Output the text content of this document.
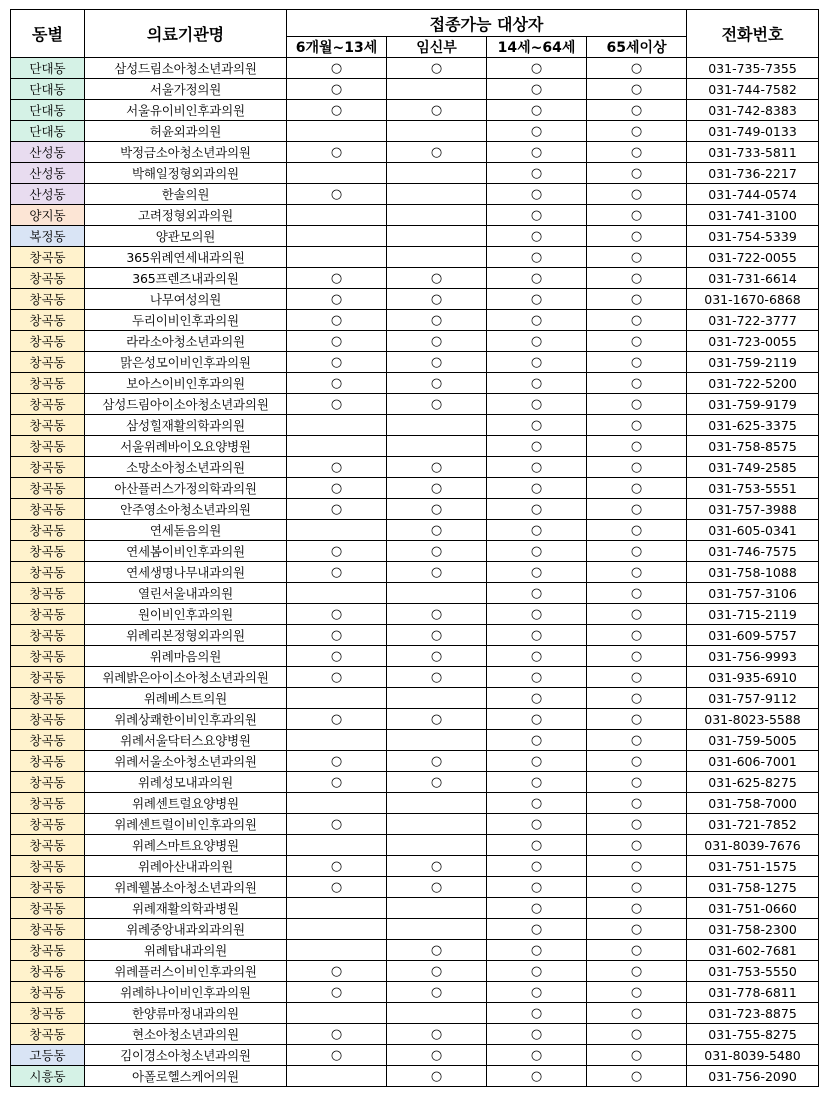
동별	의료기관명	접종가능 대상자				전화번호
		6개월~13세	임신부	14세~64세	65세이상	
단대동	삼성드림소아청소년과의원	○	○	○	○	031-735-7355
단대동	서울가정의원	○		○	○	031-744-7582
단대동	서울유이비인후과의원	○	○	○	○	031-742-8383
단대동	허윤외과의원			○	○	031-749-0133
산성동	박정금소아청소년과의원	○	○	○	○	031-733-5811
산성동	박해일정형외과의원			○	○	031-736-2217
산성동	한솔의원	○		○	○	031-744-0574
양지동	고려정형외과의원			○	○	031-741-3100
복정동	양관모의원			○	○	031-754-5339
창곡동	365위례연세내과의원			○	○	031-722-0055
창곡동	365프렌즈내과의원	○	○	○	○	031-731-6614
창곡동	나무여성의원	○	○	○	○	031-1670-6868
창곡동	두리이비인후과의원	○	○	○	○	031-722-3777
창곡동	라라소아청소년과의원	○	○	○	○	031-723-0055
창곡동	맑은성모이비인후과의원	○	○	○	○	031-759-2119
창곡동	보아스이비인후과의원	○	○	○	○	031-722-5200
창곡동	삼성드림아이소아청소년과의원	○	○	○	○	031-759-9179
창곡동	삼성힐재활의학과의원			○	○	031-625-3375
창곡동	서울위례바이오요양병원			○	○	031-758-8575
창곡동	소망소아청소년과의원	○	○	○	○	031-749-2585
창곡동	아산플러스가정의학과의원	○	○	○	○	031-753-5551
창곡동	안주영소아청소년과의원	○	○	○	○	031-757-3988
창곡동	연세돋음의원		○	○	○	031-605-0341
창곡동	연세봄이비인후과의원	○	○	○	○	031-746-7575
창곡동	연세생명나무내과의원	○	○	○	○	031-758-1088
창곡동	열린서울내과의원			○	○	031-757-3106
창곡동	원이비인후과의원	○	○	○	○	031-715-2119
창곡동	위례리본정형외과의원	○	○	○	○	031-609-5757
창곡동	위례마음의원	○	○	○	○	031-756-9993
창곡동	위례밝은아이소아청소년과의원	○	○	○	○	031-935-6910
창곡동	위례베스트의원			○	○	031-757-9112
창곡동	위례상쾌한이비인후과의원	○	○	○	○	031-8023-5588
창곡동	위례서울닥터스요양병원			○	○	031-759-5005
창곡동	위례서울소아청소년과의원	○	○	○	○	031-606-7001
창곡동	위례성모내과의원	○	○	○	○	031-625-8275
창곡동	위례센트럴요양병원			○	○	031-758-7000
창곡동	위례센트럴이비인후과의원	○		○	○	031-721-7852
창곡동	위례스마트요양병원			○	○	031-8039-7676
창곡동	위례아산내과의원	○	○	○	○	031-751-1575
창곡동	위례웰봄소아청소년과의원	○	○	○	○	031-758-1275
창곡동	위례재활의학과병원			○	○	031-751-0660
창곡동	위례중앙내과외과의원			○	○	031-758-2300
창곡동	위례탑내과의원		○	○	○	031-602-7681
창곡동	위례플러스이비인후과의원	○	○	○	○	031-753-5550
창곡동	위례하나이비인후과의원	○	○	○	○	031-778-6811
창곡동	한양류마정내과의원			○	○	031-723-8875
창곡동	현소아청소년과의원	○	○	○	○	031-755-8275
고등동	김이경소아청소년과의원	○	○	○	○	031-8039-5480
시흥동	아폴로헬스케어의원		○	○	○	031-756-2090
